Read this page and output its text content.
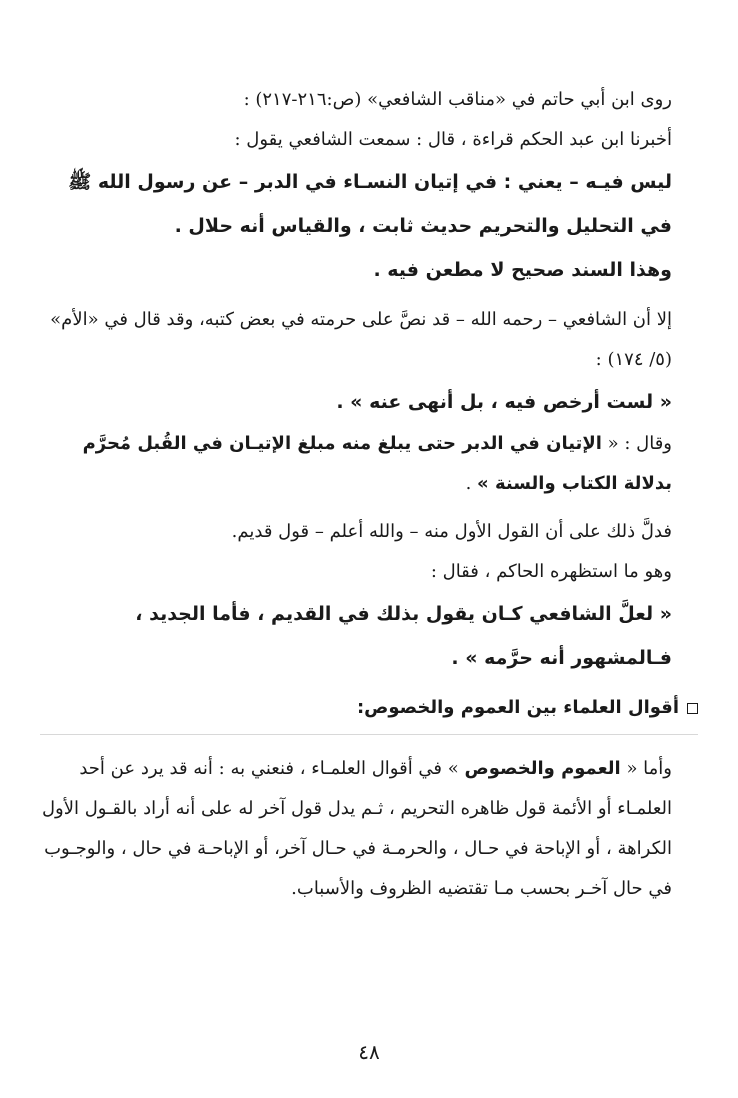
روى ابن أبي حاتم في «مناقب الشافعي» (ص:٢١٦-٢١٧) :

أخبرنا ابن عبد الحكم قراءة ، قال : سمعت الشافعي يقول :

ليس فيـه – يعني : في إتيان النسـاء في الدبر – عن رسول الله ﷺ في التحليل والتحريم حديث ثابت ، والقياس أنه حلال .

وهذا السند صحيح لا مطعن فيه .

إلا أن الشافعي – رحمه الله – قد نصَّ على حرمته في بعض كتبه، وقد قال في «الأم» (٥/ ١٧٤) :

« لست أرخص فيه ، بل أنهى عنه » .

وقال : « الإتيان في الدبر حتى يبلغ منه مبلغ الإتيـان في القُبل مُحرَّم بدلالة الكتاب والسنة » .

فدلَّ ذلك على أن القول الأول منه – والله أعلم – قول قديم.

وهو ما استظهره الحاكم ، فقال :

« لعلَّ الشافعي كـان يقول بذلك في القديم ، فأما الجديد ، فـالمشهور أنه حرَّمه » .

أقوال العلماء بين العموم والخصوص:

وأما « العموم والخصوص » في أقوال العلمـاء ، فنعني به : أنه قد يرد عن أحد العلمـاء أو الأئمة قول ظاهره التحريم ، ثـم يدل قول آخر له على أنه أراد بالقـول الأول الكراهة ، أو الإباحة في حـال ، والحرمـة في حـال آخر، أو الإباحـة في حال ، والوجـوب في حال آخـر بحسب مـا تقتضيه الظروف والأسباب.

٤٨
